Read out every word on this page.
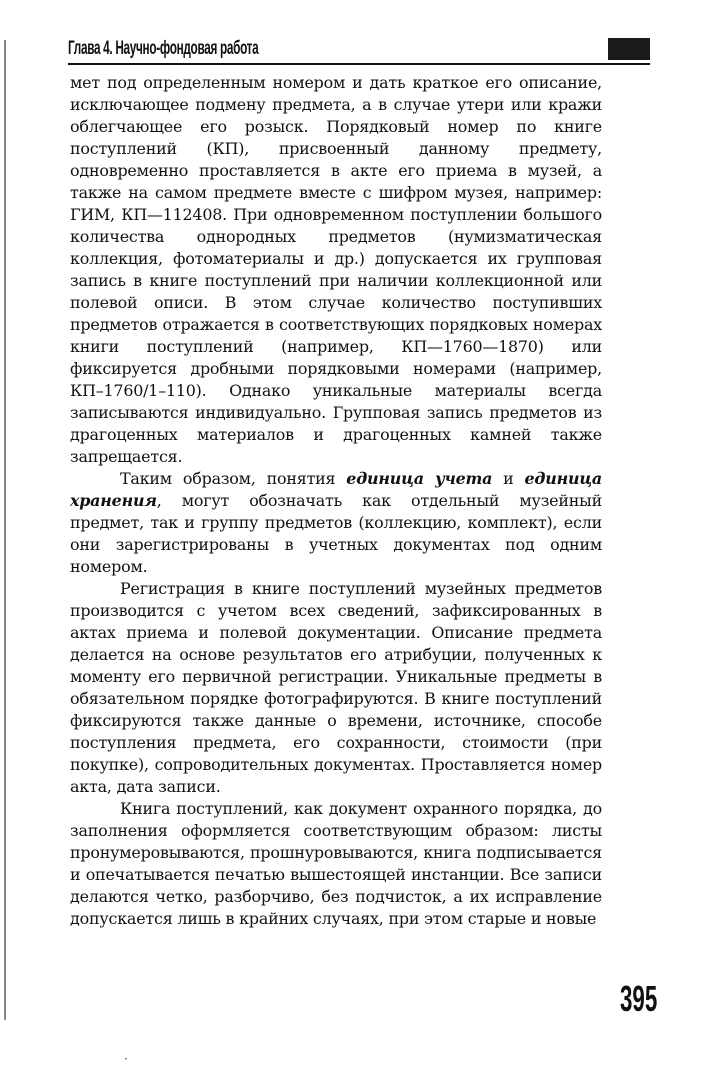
Глава 4. Научно-фондовая работа

мет под определенным номером и дать краткое его описание, исключающее подмену предмета, а в случае утери или кражи облегчающее его розыск. Порядковый номер по книге поступлений (КП), присвоенный данному предмету, одновременно проставляется в акте его приема в музей, а также на самом предмете вместе с шифром музея, например: ГИМ, КП—112408. При одновременном поступлении большого количества однородных предметов (нумизматическая коллекция, фотоматериалы и др.) допускается их групповая запись в книге поступлений при наличии коллекционной или полевой описи. В этом случае количество поступивших предметов отражается в соответствующих порядковых номерах книги поступлений (например, КП—1760—1870) или фиксируется дробными порядковыми номерами (например, КП–1760/1–110). Однако уникальные материалы всегда записываются индивидуально. Групповая запись предметов из драгоценных материалов и драгоценных камней также запрещается.

Таким образом, понятия единица учета и единица хранения, могут обозначать как отдельный музейный предмет, так и группу предметов (коллекцию, комплект), если они зарегистрированы в учетных документах под одним номером.

Регистрация в книге поступлений музейных предметов производится с учетом всех сведений, зафиксированных в актах приема и полевой документации. Описание предмета делается на основе результатов его атрибуции, полученных к моменту его первичной регистрации. Уникальные предметы в обязательном порядке фотографируются. В книге поступлений фиксируются также данные о времени, источнике, способе поступления предмета, его сохранности, стоимости (при покупке), сопроводительных документах. Проставляется номер акта, дата записи.

Книга поступлений, как документ охранного порядка, до заполнения оформляется соответствующим образом: листы пронумеровываются, прошнуровываются, книга подписывается и опечатывается печатью вышестоящей инстанции. Все записи делаются четко, разборчиво, без подчисток, а их исправление допускается лишь в крайних случаях, при этом старые и новые

395
·
